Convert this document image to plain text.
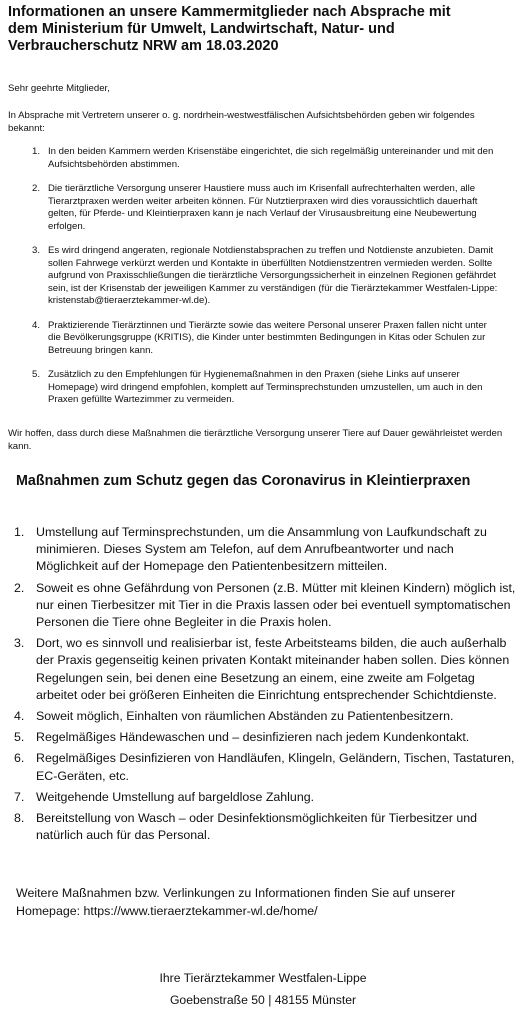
Informationen an unsere Kammermitglieder nach Absprache mit
dem Ministerium für Umwelt, Landwirtschaft, Natur- und
Verbraucherschutz NRW am 18.03.2020

Sehr geehrte Mitglieder,
In Absprache mit Vertretern unserer o. g. nordrhein-westwestfälischen Aufsichtsbehörden geben wir folgendes bekannt:
1. In den beiden Kammern werden Krisenstäbe eingerichtet, die sich regelmäßig untereinander und mit den Aufsichtsbehörden abstimmen.
2. Die tierärztliche Versorgung unserer Haustiere muss auch im Krisenfall aufrechterhalten werden, alle Tierarztpraxen werden weiter arbeiten können. Für Nutztierpraxen wird dies voraussichtlich dauerhaft gelten, für Pferde- und Kleintierpraxen kann je nach Verlauf der Virusausbreitung eine Neubewertung erfolgen.
3. Es wird dringend angeraten, regionale Notdienstabsprachen zu treffen und Notdienste anzubieten. Damit sollen Fahrwege verkürzt werden und Kontakte in überfüllten Notdienstzentren vermieden werden. Sollte aufgrund von Praxisschließungen die tierärztliche Versorgungssicherheit in einzelnen Regionen gefährdet sein, ist der Krisenstab der jeweiligen Kammer zu verständigen (für die Tierärztekammer Westfalen-Lippe: kristenstab@tieraerztekammer-wl.de).
4. Praktizierende Tierärztinnen und Tierärzte sowie das weitere Personal unserer Praxen fallen nicht unter die Bevölkerungsgruppe (KRITIS), die Kinder unter bestimmten Bedingungen in Kitas oder Schulen zur Betreuung bringen kann.
5. Zusätzlich zu den Empfehlungen für Hygienemaßnahmen in den Praxen (siehe Links auf unserer Homepage) wird dringend empfohlen, komplett auf Terminsprechstunden umzustellen, um auch in den Praxen gefüllte Wartezimmer zu vermeiden.
Wir hoffen, dass durch diese Maßnahmen die tierärztliche Versorgung unserer Tiere auf Dauer gewährleistet werden kann.
Maßnahmen zum Schutz gegen das Coronavirus in Kleintierpraxen
1. Umstellung auf Terminsprechstunden, um die Ansammlung von Laufkundschaft zu minimieren. Dieses System am Telefon, auf dem Anrufbeantworter und nach Möglichkeit auf der Homepage den Patientenbesitzern mitteilen.
2. Soweit es ohne Gefährdung von Personen (z.B. Mütter mit kleinen Kindern) möglich ist, nur einen Tierbesitzer mit Tier in die Praxis lassen oder bei eventuell symptomatischen Personen die Tiere ohne Begleiter in die Praxis holen.
3. Dort, wo es sinnvoll und realisierbar ist, feste Arbeitsteams bilden, die auch außerhalb der Praxis gegenseitig keinen privaten Kontakt miteinander haben sollen. Dies können Regelungen sein, bei denen eine Besetzung an einem, eine zweite am Folgetag arbeitet oder bei größeren Einheiten die Einrichtung entsprechender Schichtdienste.
4. Soweit möglich, Einhalten von räumlichen Abständen zu Patientenbesitzern.
5. Regelmäßiges Händewaschen und – desinfizieren nach jedem Kundenkontakt.
6. Regelmäßiges Desinfizieren von Handläufen, Klingeln, Geländern, Tischen, Tastaturen, EC-Geräten, etc.
7. Weitgehende Umstellung auf bargeldlose Zahlung.
8. Bereitstellung von Wasch – oder Desinfektionsmöglichkeiten für Tierbesitzer und natürlich auch für das Personal.
Weitere Maßnahmen bzw. Verlinkungen zu Informationen finden Sie auf unserer Homepage: https://www.tieraerztekammer-wl.de/home/
Ihre Tierärztekammer Westfalen-Lippe
Goebenstraße 50 | 48155 Münster
